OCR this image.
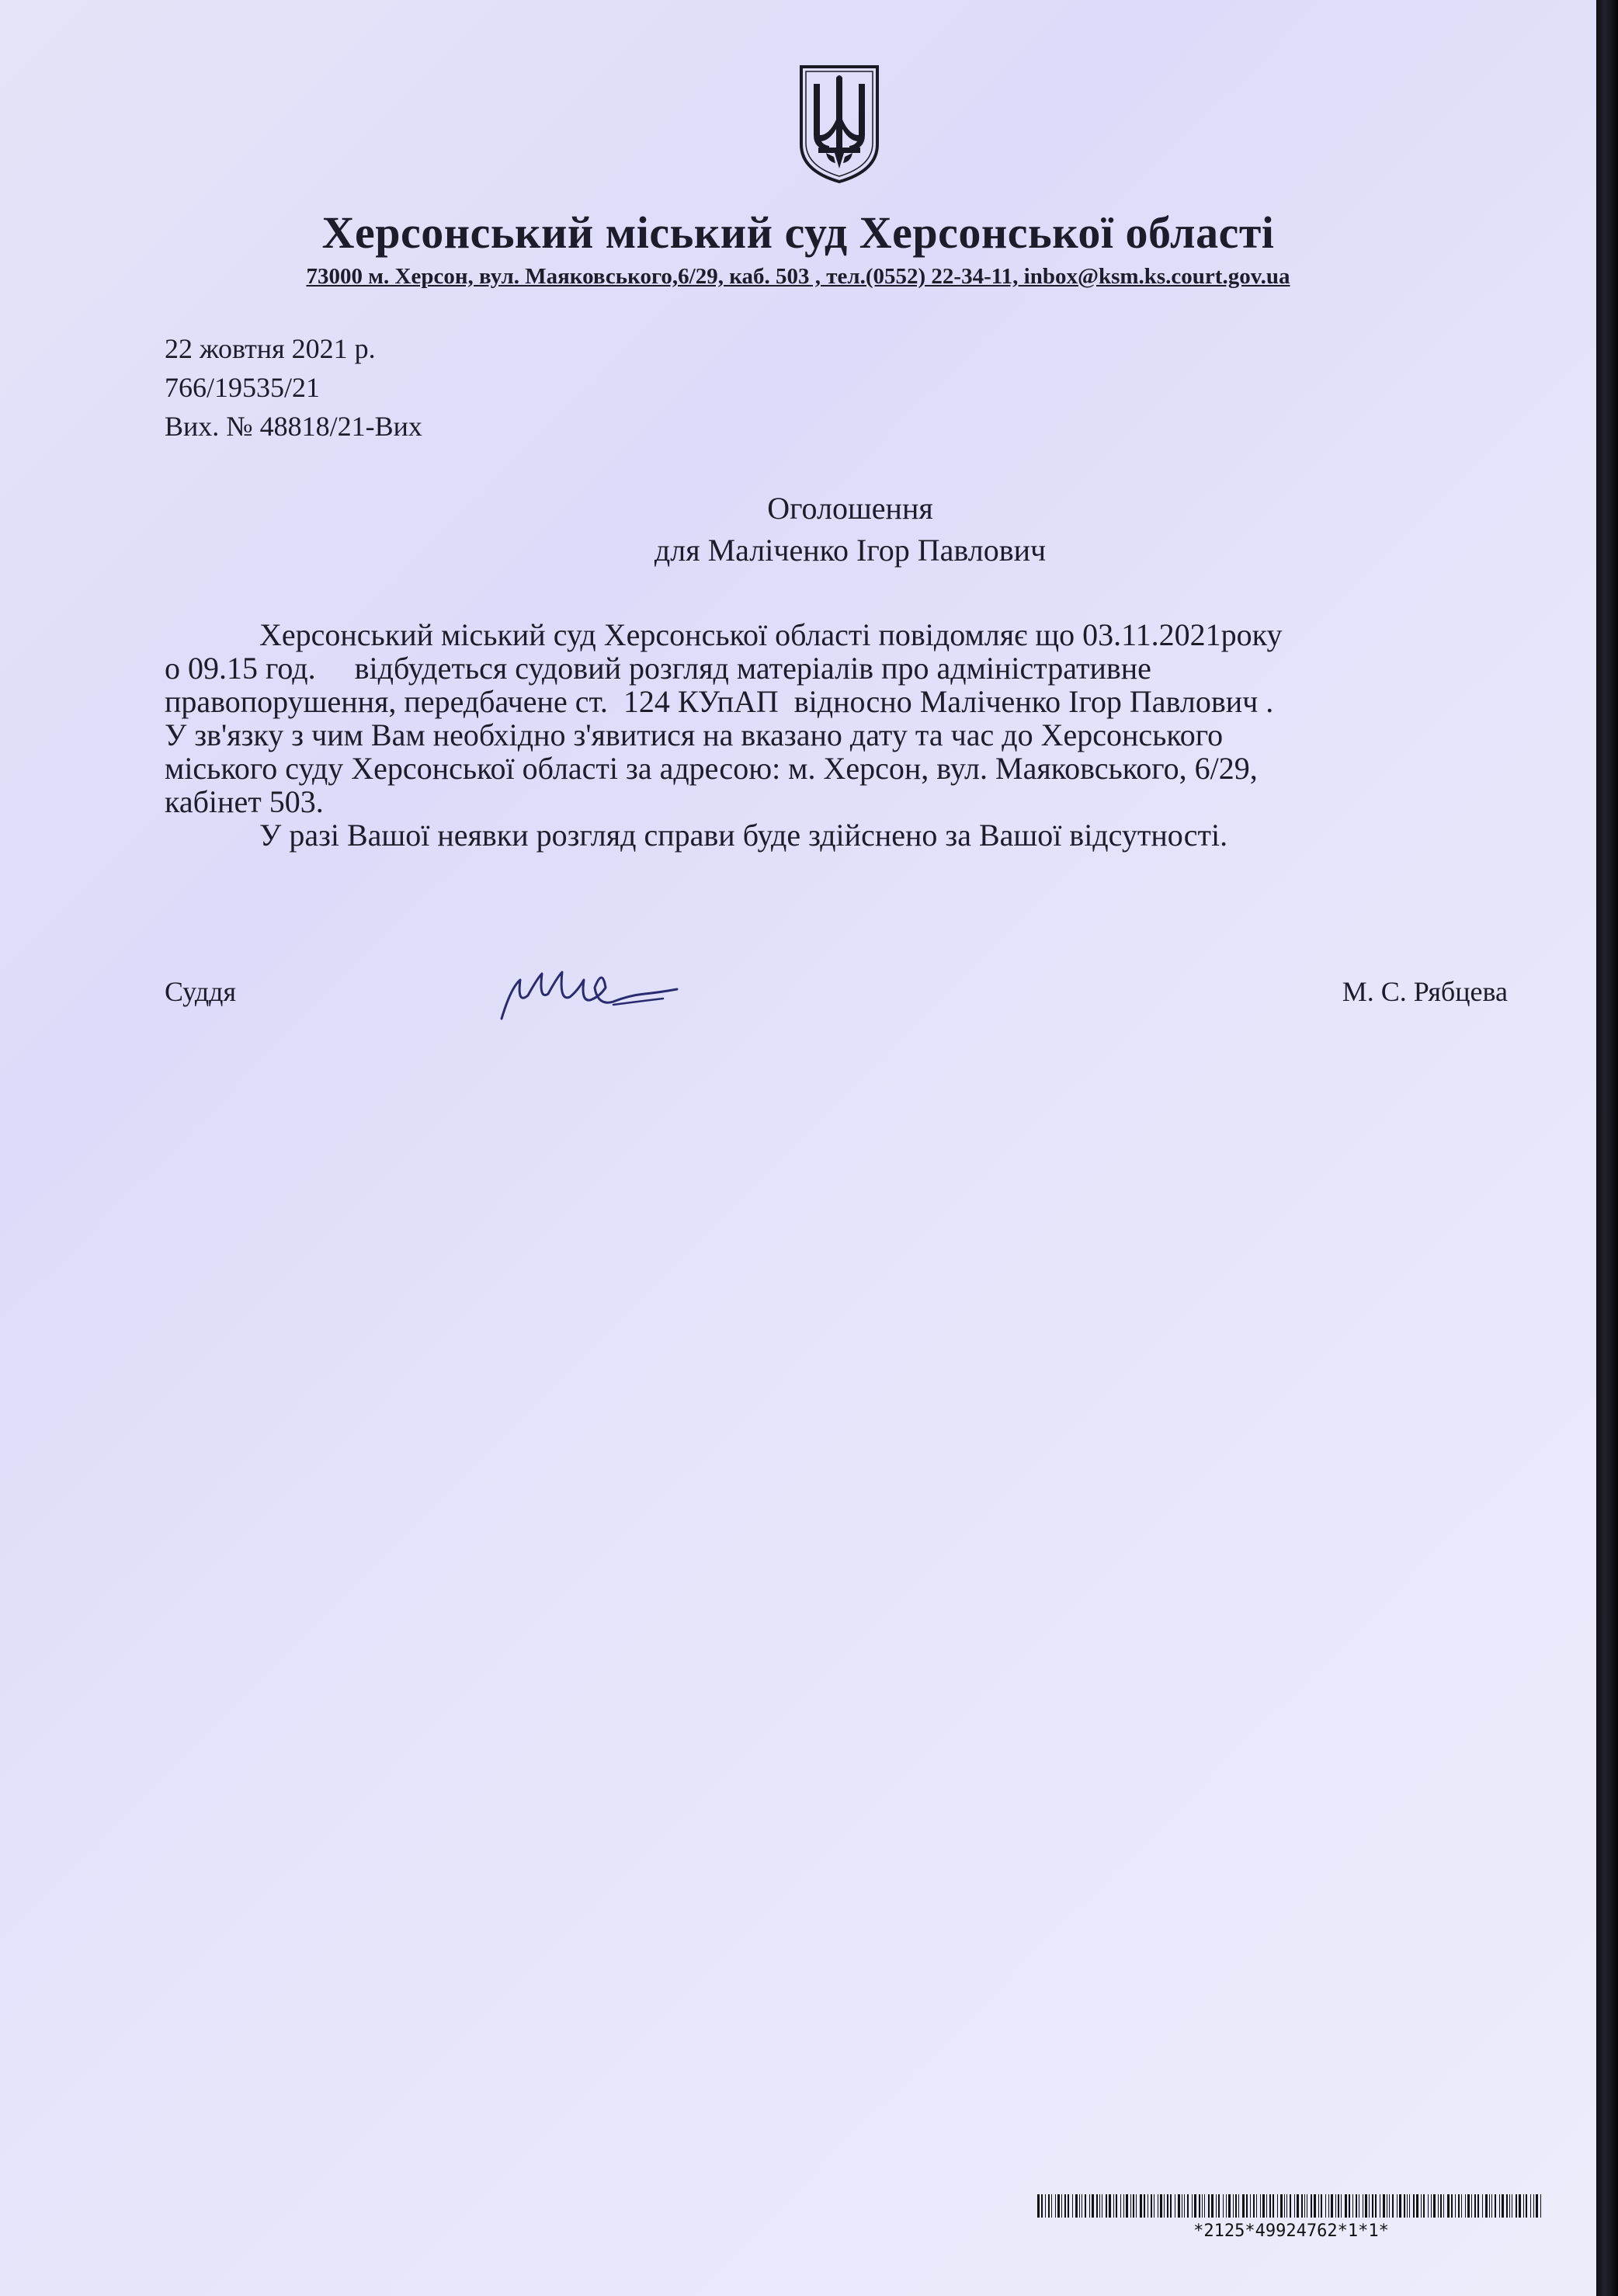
Херсонський міський суд Херсонської області
73000 м. Херсон, вул. Маяковського,6/29, каб. 503 , тел.(0552) 22-34-11, inbox@ksm.ks.court.gov.ua
22 жовтня 2021 р.
766/19535/21
Вих. № 48818/21-Вих
Оголошення
для Маліченко Ігор Павлович

Херсонський міський суд Херсонської області повідомляє що 03.11.2021року
о 09.15 год.     відбудеться судовий розгляд матеріалів про адміністративне
правопорушення, передбачене ст.  124 КУпАП  відносно Маліченко Ігор Павлович .
У зв'язку з чим Вам необхідно з'явитися на вказано дату та час до Херсонського
міського суду Херсонської області за адресою: м. Херсон, вул. Маяковського, 6/29,
кабінет 503.

У разі Вашої неявки розгляд справи буде здійснено за Вашої відсутності.

Суддя	М. С. Рябцева
*2125*49924762*1*1*
